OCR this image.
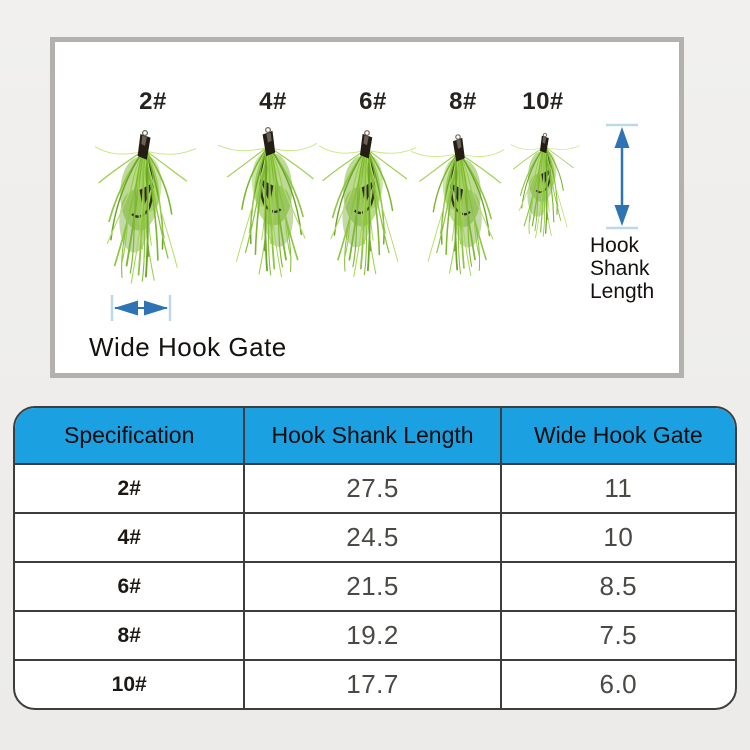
2#	4#	6#	8# 10#
Hook Shank Length
Wide Hook Gate
Specification	Hook Shank Length	Wide Hook Gate
2#	27.5	11
4#	24.5	10
6#	21.5	8.5
8#	19.2	7.5
10#	17.7	6.0
